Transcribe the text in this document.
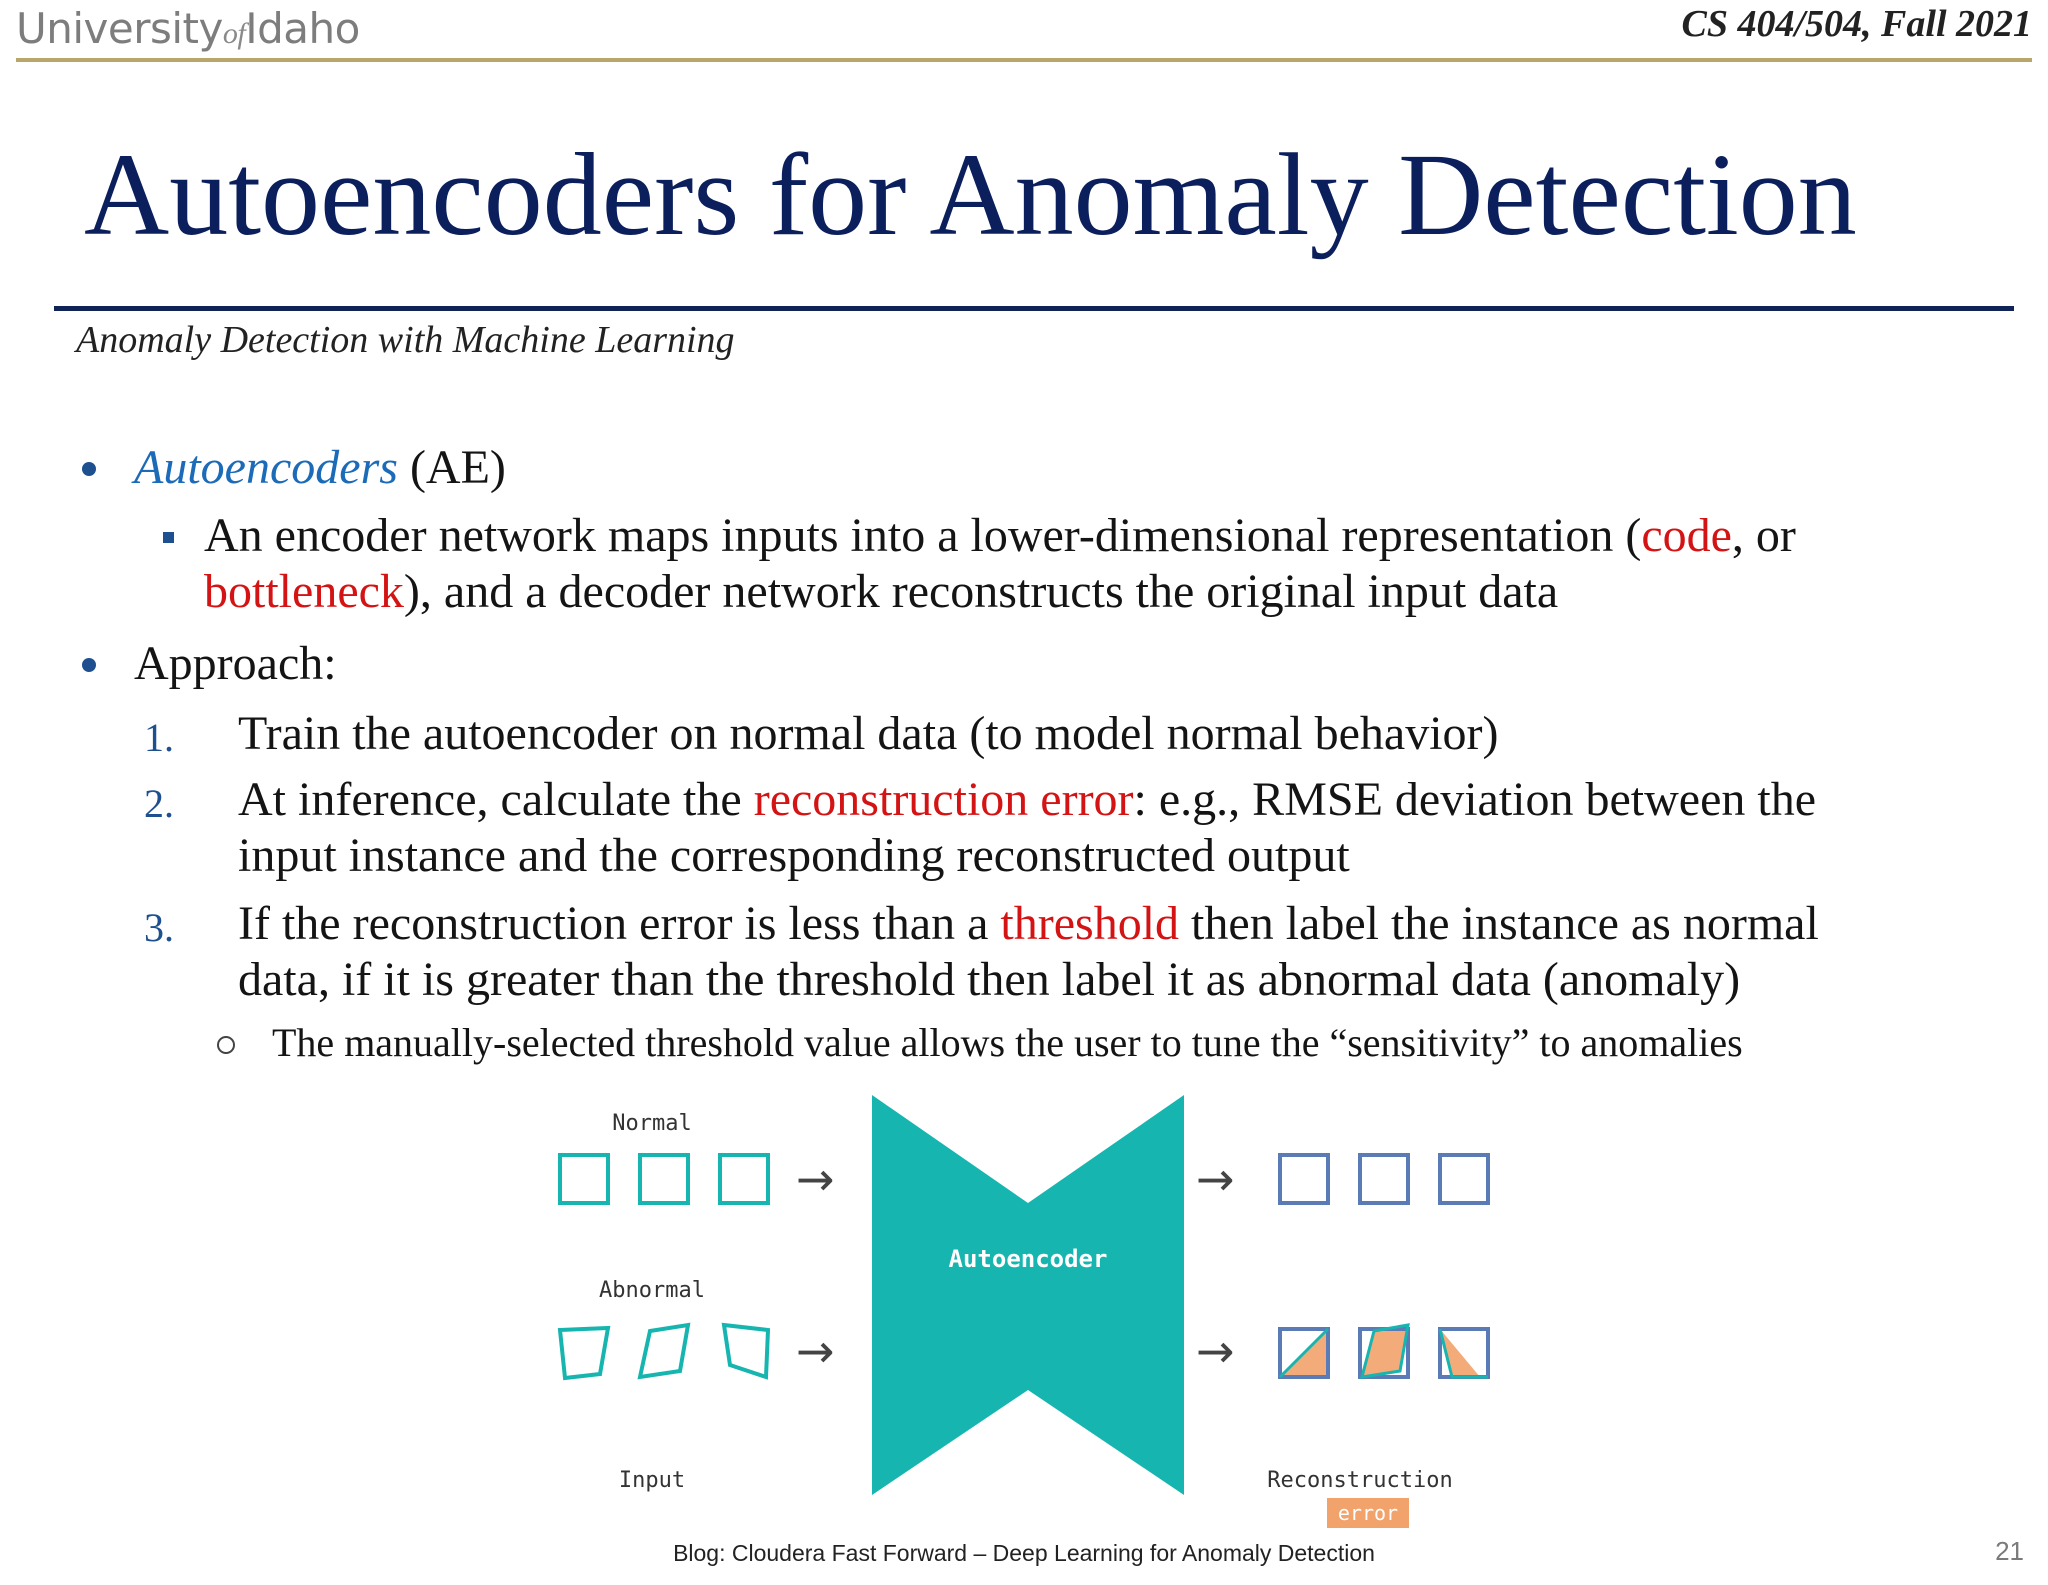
UniversityofIdaho	CS 404/504, Fall 2021
Autoencoders for Anomaly Detection
Anomaly Detection with Machine Learning
Autoencoders (AE)
An encoder network maps inputs into a lower-dimensional representation (code, or
bottleneck), and a decoder network reconstructs the original input data
Approach:
1. Train the autoencoder on normal data (to model normal behavior)
2. At inference, calculate the reconstruction error: e.g., RMSE deviation between the
input instance and the corresponding reconstructed output
3. If the reconstruction error is less than a threshold then label the instance as normal
data, if it is greater than the threshold then label it as abnormal data (anomaly)
The manually-selected threshold value allows the user to tune the “sensitivity” to anomalies
Normal
Abnormal
Input	Reconstruction
→
→
→
→
Autoencoder
error
Blog: Cloudera Fast Forward – Deep Learning for Anomaly Detection	21
